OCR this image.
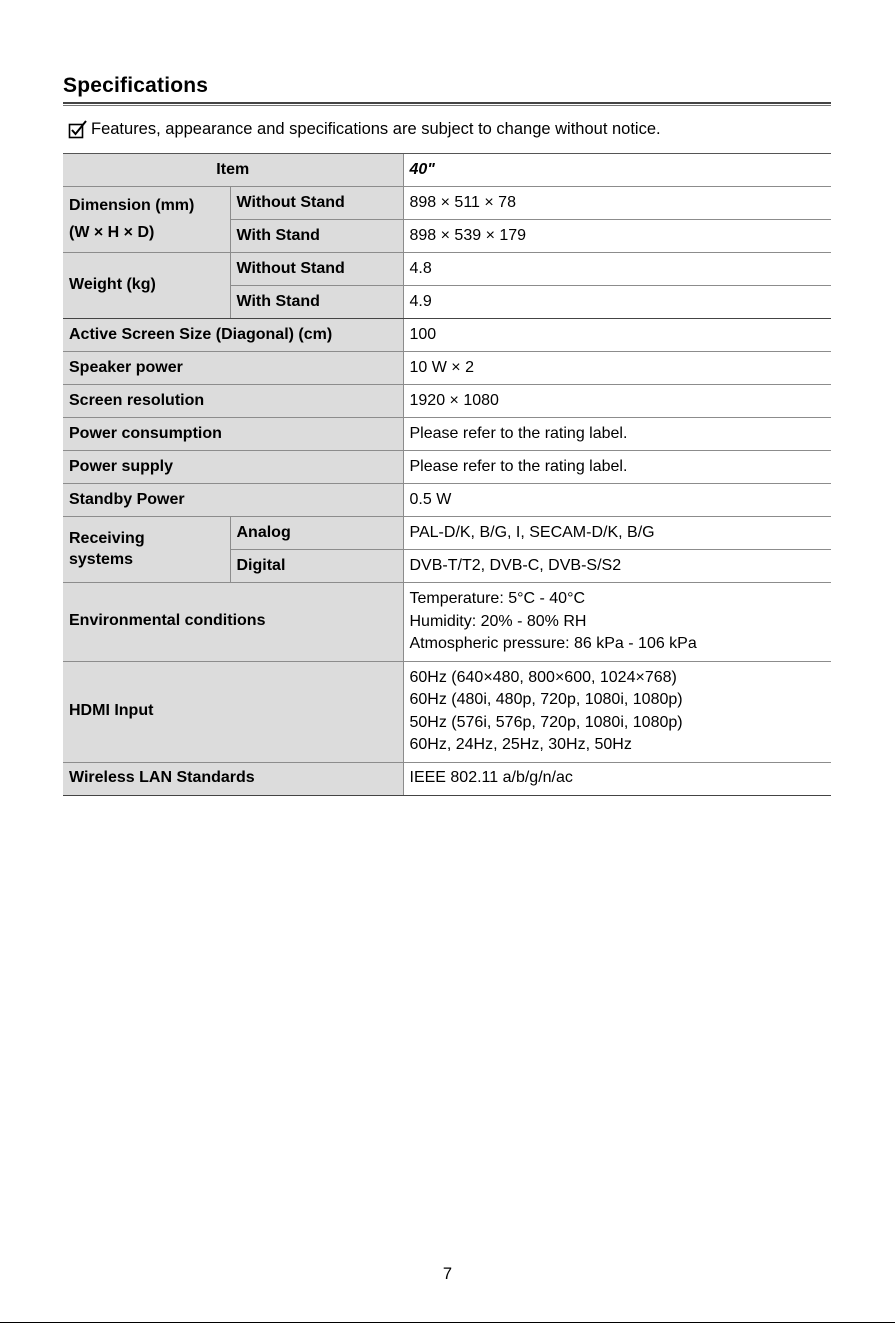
Specifications
Features, appearance and specifications are subject to change without notice.
Item		40"

Dimension (mm)
(W × H × D)	Without Stand	898 × 511 × 78
	With Stand	898 × 539 × 179
Weight (kg)	Without Stand	4.8
	With Stand	4.9
Active Screen Size (Diagonal) (cm)		100
Speaker power		10 W × 2
Screen resolution		1920 × 1080
Power consumption		Please refer to the rating label.
Power supply		Please refer to the rating label.
Standby Power		0.5 W

Receiving
systems	Analog	PAL-D/K, B/G, I, SECAM-D/K, B/G
	Digital	DVB-T/T2, DVB-C, DVB-S/S2
Environmental conditions		Temperature: 5°C - 40°C
Humidity: 20% - 80% RH
Atmospheric pressure: 86 kPa - 106 kPa

HDMI Input		60Hz (640×480, 800×600, 1024×768)
60Hz (480i, 480p, 720p, 1080i, 1080p)
50Hz (576i, 576p, 720p, 1080i, 1080p)
60Hz, 24Hz, 25Hz, 30Hz, 50Hz

Wireless LAN Standards		IEEE 802.11 a/b/g/n/ac
7
